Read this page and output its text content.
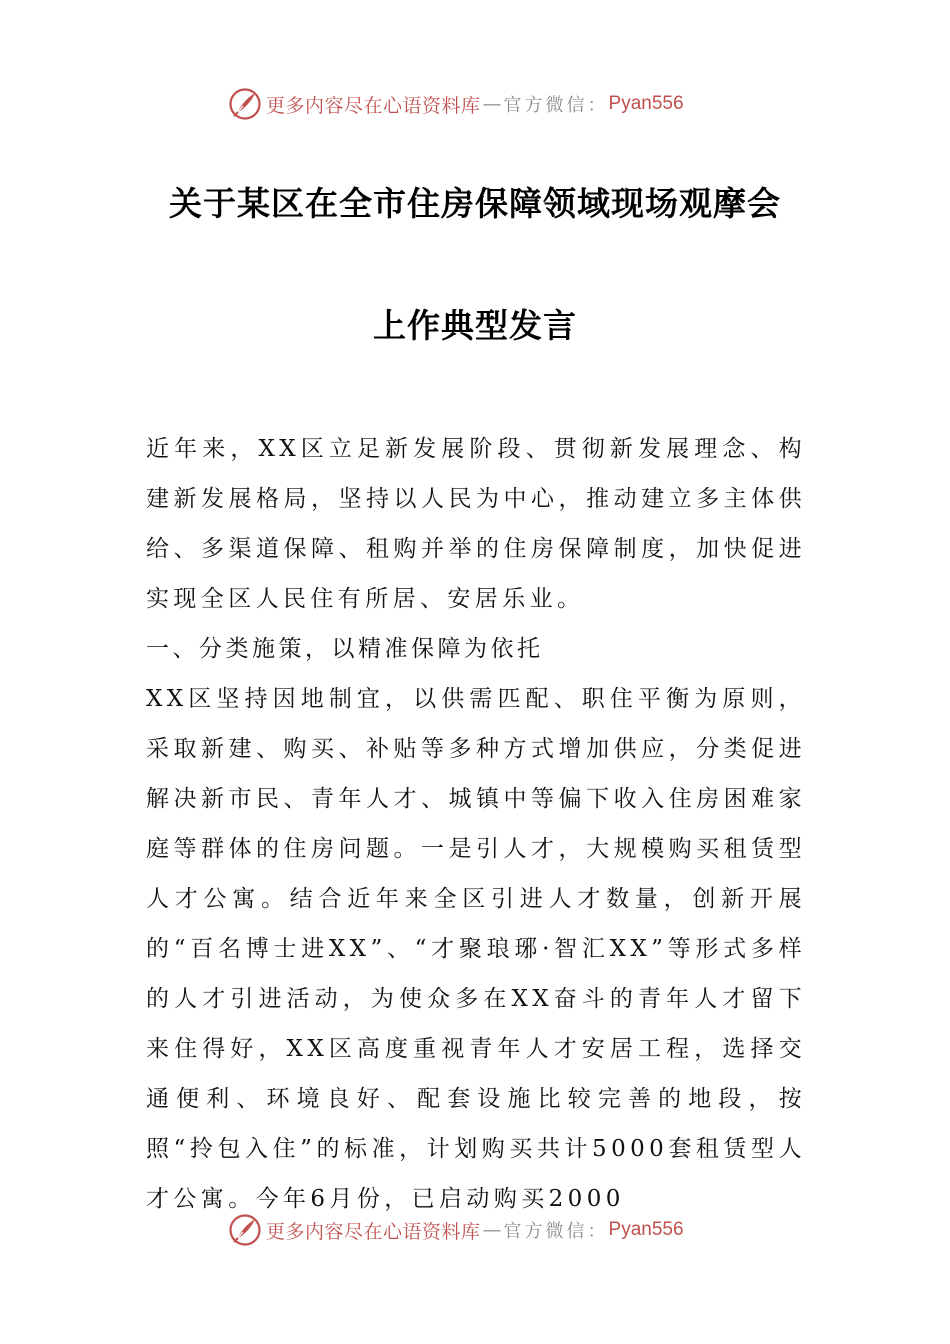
更多内容尽在心语资料库 — 官方微信： Pyan556
关于某区在全市住房保障领域现场观摩会
上作典型发言

近年来，XX区立足新发展阶段、贯彻新发展理念、构建新发展格局，坚持以人民为中心，推动建立多主体供给、多渠道保障、租购并举的住房保障制度，加快促进实现全区人民住有所居、安居乐业。

一、分类施策，以精准保障为依托

XX区坚持因地制宜，以供需匹配、职住平衡为原则，采取新建、购买、补贴等多种方式增加供应，分类促进解决新市民、青年人才、城镇中等偏下收入住房困难家庭等群体的住房问题。一是引人才，大规模购买租赁型人才公寓。结合近年来全区引进人才数量，创新开展的“百名博士进XX”、“才聚琅琊·智汇XX”等形式多样的人才引进活动，为使众多在XX奋斗的青年人才留下来住得好，XX区高度重视青年人才安居工程，选择交通便利、环境良好、配套设施比较完善的地段，按照“拎包入住”的标准，计划购买共计5000套租赁型人才公寓。今年6月份，已启动购买2000

更多内容尽在心语资料库 — 官方微信： Pyan556
